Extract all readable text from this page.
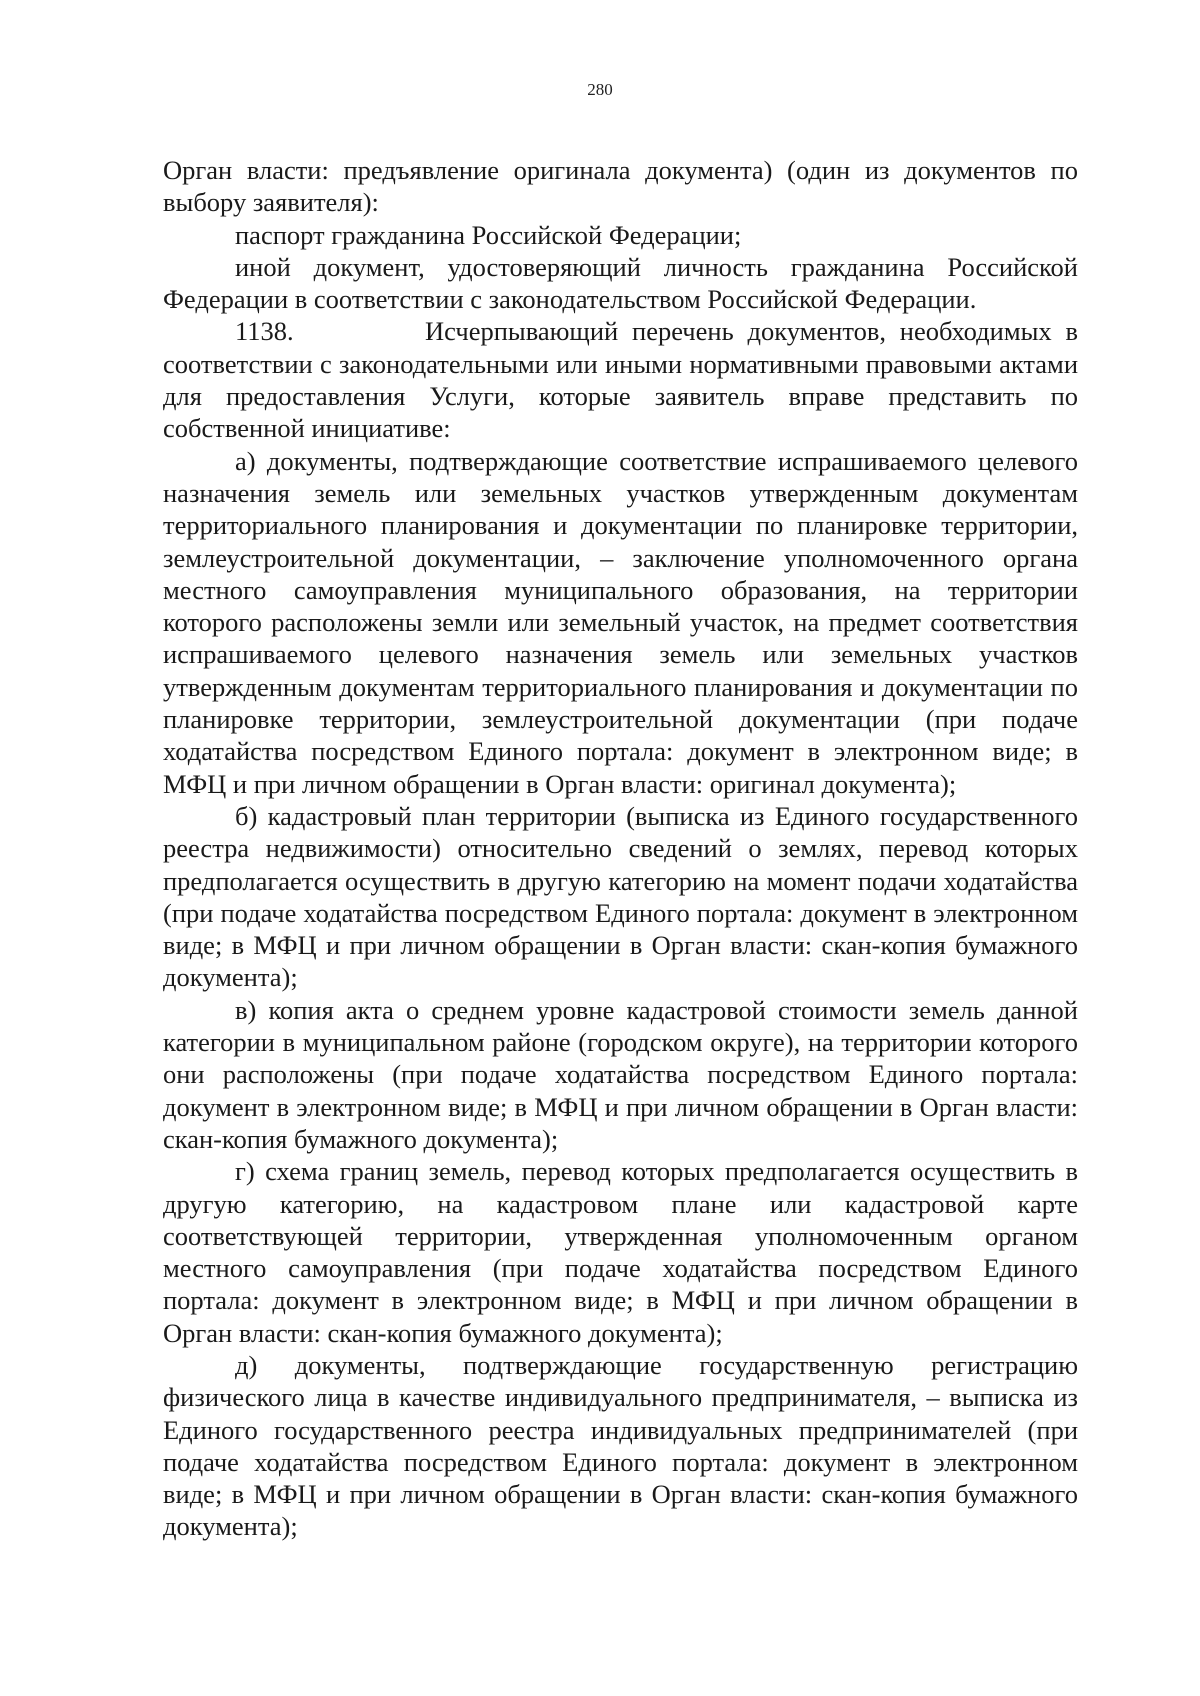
280

Орган власти: предъявление оригинала документа) (один из документов по выбору заявителя):

паспорт гражданина Российской Федерации;

иной документ, удостоверяющий личность гражданина Российской Федерации в соответствии с законодательством Российской Федерации.

1138.	Исчерпывающий перечень документов, необходимых в соответствии с законодательными или иными нормативными правовыми актами для предоставления Услуги, которые заявитель вправе представить по собственной инициативе:

а) документы, подтверждающие соответствие испрашиваемого целевого назначения земель или земельных участков утвержденным документам территориального планирования и документации по планировке территории, землеустроительной документации, – заключение уполномоченного органа местного самоуправления муниципального образования, на территории которого расположены земли или земельный участок, на предмет соответствия испрашиваемого целевого назначения земель или земельных участков утвержденным документам территориального планирования и документации по планировке территории, землеустроительной документации (при подаче ходатайства посредством Единого портала: документ в электронном виде; в МФЦ и при личном обращении в Орган власти: оригинал документа);

б) кадастровый план территории (выписка из Единого государственного реестра недвижимости) относительно сведений о землях, перевод которых предполагается осуществить в другую категорию на момент подачи ходатайства (при подаче ходатайства посредством Единого портала: документ в электронном виде; в МФЦ и при личном обращении в Орган власти: скан-копия бумажного документа);

в) копия акта о среднем уровне кадастровой стоимости земель данной категории в муниципальном районе (городском округе), на территории которого они расположены (при подаче ходатайства посредством Единого портала: документ в электронном виде; в МФЦ и при личном обращении в Орган власти: скан-копия бумажного документа);

г) схема границ земель, перевод которых предполагается осуществить в другую категорию, на кадастровом плане или кадастровой карте соответствующей территории, утвержденная уполномоченным органом местного самоуправления (при подаче ходатайства посредством Единого портала: документ в электронном виде; в МФЦ и при личном обращении в Орган власти: скан-копия бумажного документа);

д) документы, подтверждающие государственную регистрацию физического лица в качестве индивидуального предпринимателя, – выписка из Единого государственного реестра индивидуальных предпринимателей (при подаче ходатайства посредством Единого портала: документ в электронном виде; в МФЦ и при личном обращении в Орган власти: скан-копия бумажного документа);
